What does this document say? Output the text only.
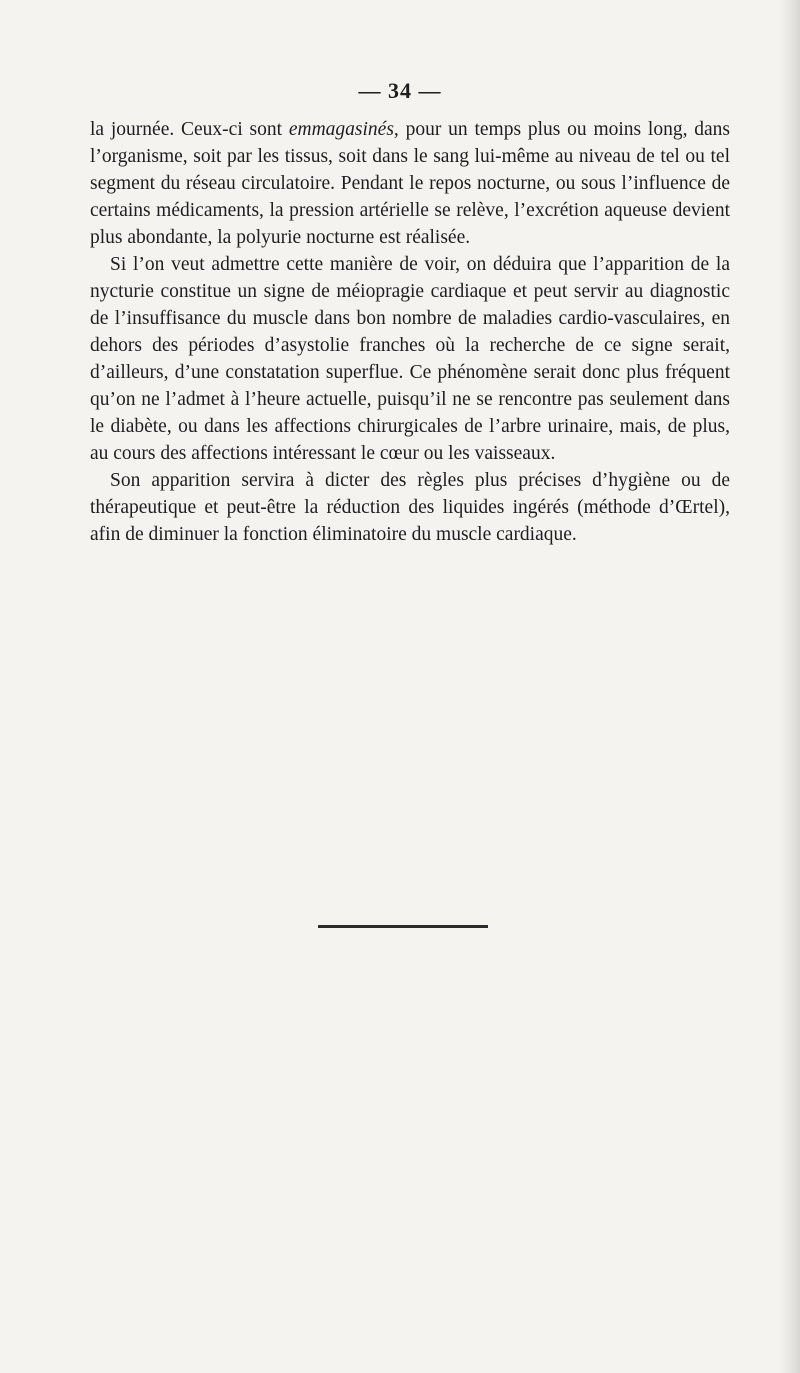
— 34 —

la journée. Ceux-ci sont emmagasinés, pour un temps plus ou moins long, dans l’organisme, soit par les tissus, soit dans le sang lui-même au niveau de tel ou tel segment du réseau circulatoire. Pendant le repos nocturne, ou sous l’influence de certains médicaments, la pression artérielle se relève, l’excrétion aqueuse devient plus abondante, la polyurie nocturne est réalisée.

Si l’on veut admettre cette manière de voir, on déduira que l’apparition de la nycturie constitue un signe de méiopragie cardiaque et peut servir au diagnostic de l’insuffisance du muscle dans bon nombre de maladies cardio-vasculaires, en dehors des périodes d’asystolie franches où la recherche de ce signe serait, d’ailleurs, d’une constatation superflue. Ce phénomène serait donc plus fréquent qu’on ne l’admet à l’heure actuelle, puisqu’il ne se rencontre pas seulement dans le diabète, ou dans les affections chirurgicales de l’arbre urinaire, mais, de plus, au cours des affections intéressant le cœur ou les vaisseaux.

Son apparition servira à dicter des règles plus précises d’hygiène ou de thérapeutique et peut-être la réduction des liquides ingérés (méthode d’Œrtel), afin de diminuer la fonction éliminatoire du muscle cardiaque.
